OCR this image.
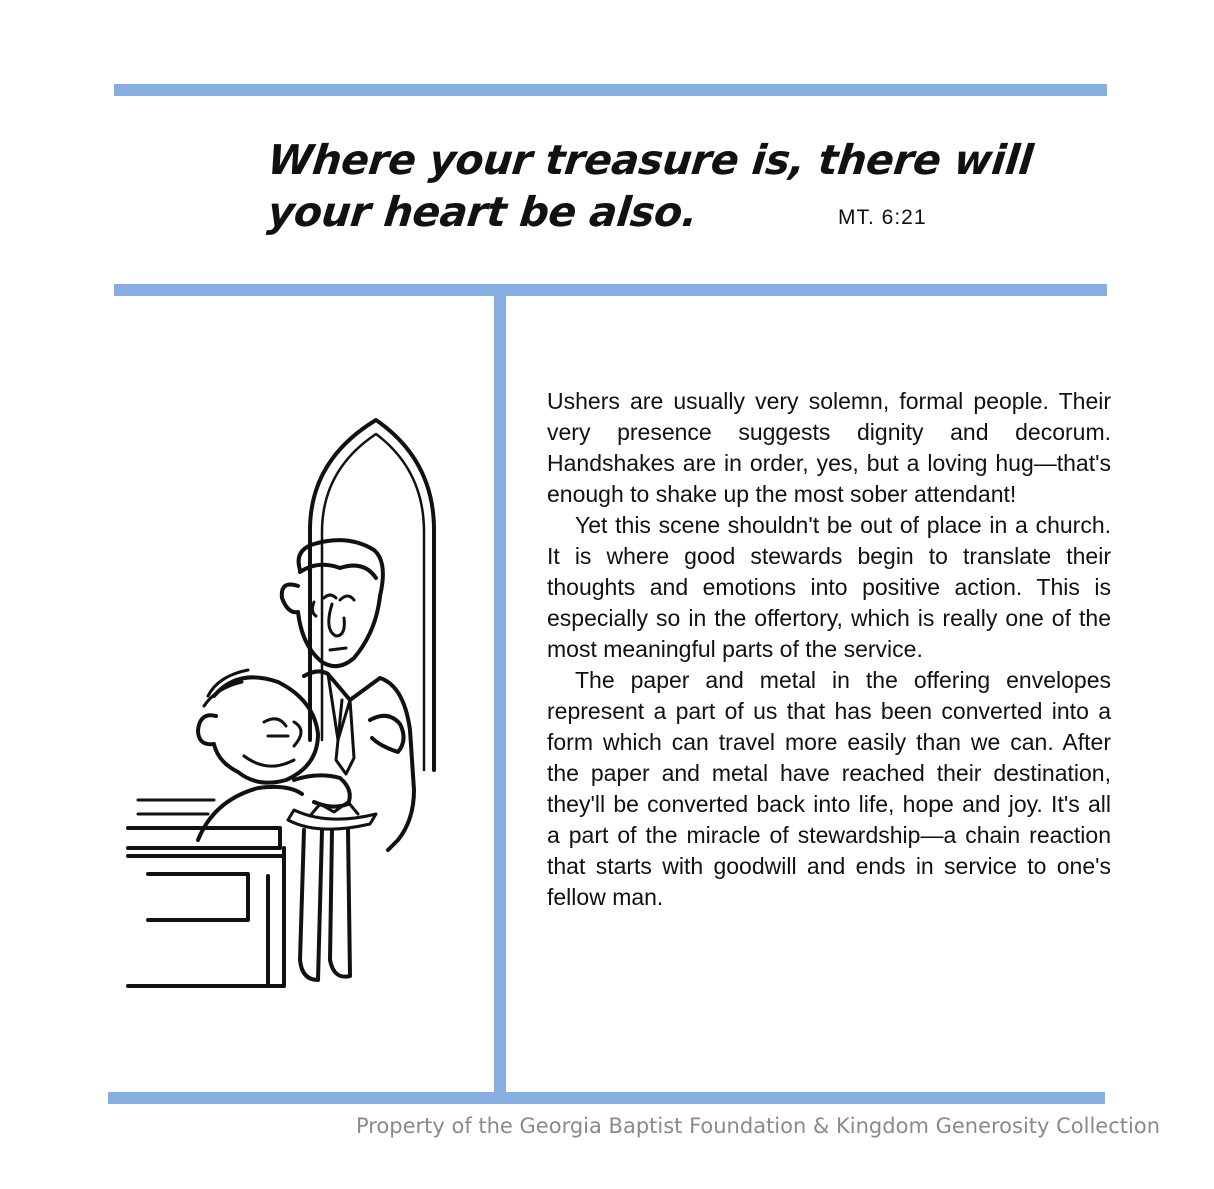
Where your treasure is, there will
your heart be also.	MT. 6:21

Ushers are usually very solemn, formal people. Their very presence suggests dignity and decorum. Handshakes are in order, yes, but a loving hug—that's enough to shake up the most sober attendant!

Yet this scene shouldn't be out of place in a church. It is where good stewards begin to translate their thoughts and emotions into positive action. This is especially so in the offertory, which is really one of the most meaningful parts of the service.

The paper and metal in the offering envelopes represent a part of us that has been converted into a form which can travel more easily than we can. After the paper and metal have reached their destination, they'll be converted back into life, hope and joy. It's all a part of the miracle of stewardship—a chain reaction that starts with goodwill and ends in service to one's fellow man.

Property of the Georgia Baptist Foundation & Kingdom Generosity Collection
